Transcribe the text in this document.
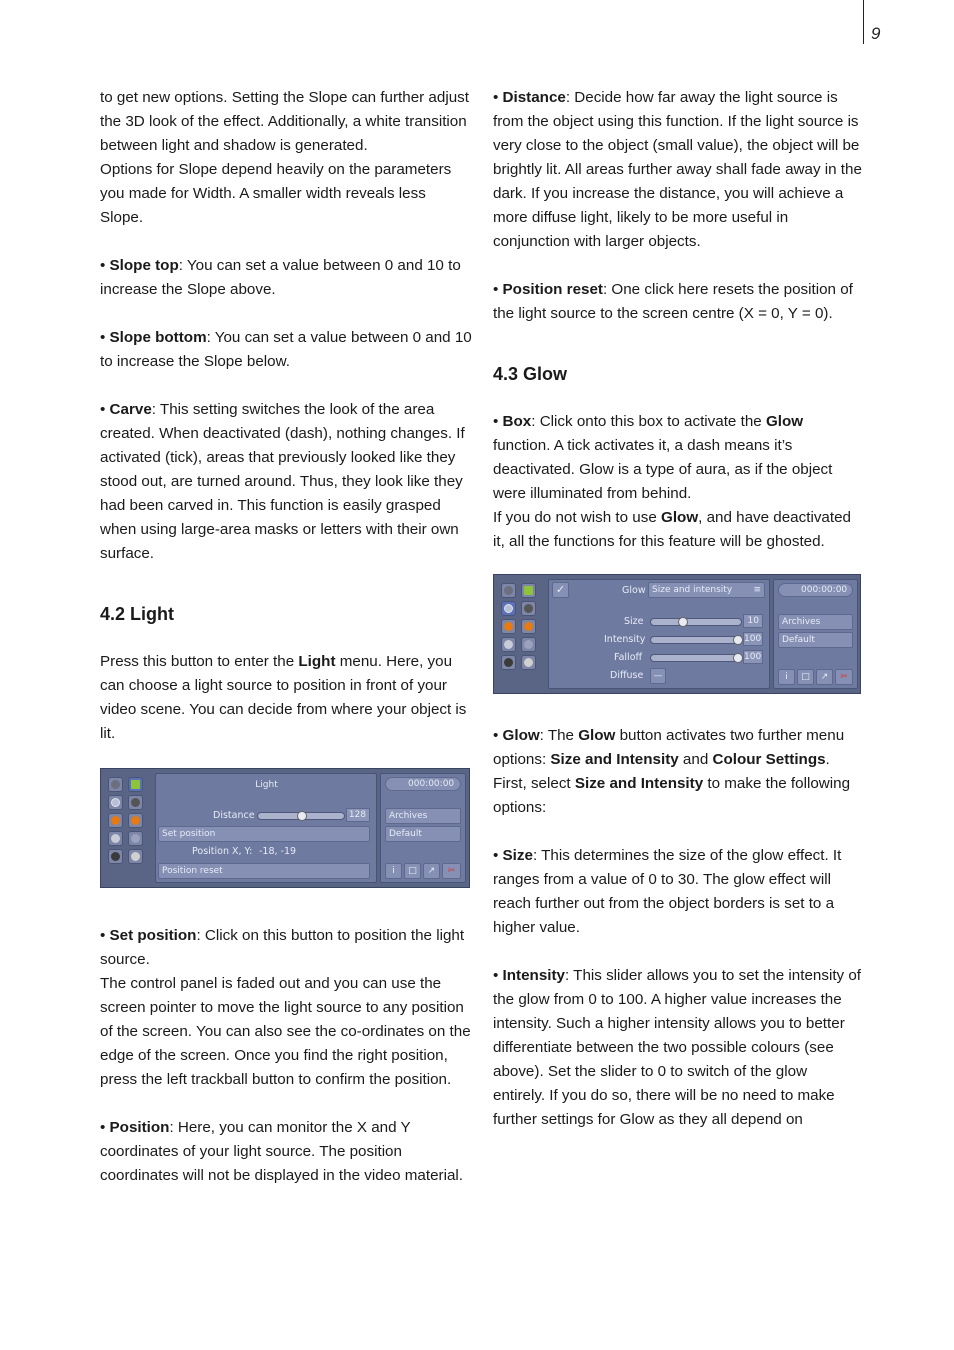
9

to get new options. Setting the Slope can further adjust the 3D look of the effect. Additionally, a white transition between light and shadow is generated.

Options for Slope depend heavily on the parameters you made for Width. A smaller width reveals less Slope.

• Slope top: You can set a value between 0 and 10 to increase the Slope above.

• Slope bottom: You can set a value between 0 and 10 to increase the Slope below.

• Carve: This setting switches the look of the area created. When deactivated (dash), nothing changes. If activated (tick), areas that previously looked like they stood out, are turned around. Thus, they look like they had been carved in. This function is easily grasped when using large-area masks or letters with their own surface.

4.2 Light

Press this button to enter the Light menu. Here, you can choose a light source to position in front of your video scene. You can decide from where your object is lit.

Light
Distance	128
Set position
Position X, Y: -18, -19
Position reset
000:00:00
Archives
Default
i	□	↗	✂

• Set position: Click on this button to position the light source.

The control panel is faded out and you can use the screen pointer to move the light source to any position of the screen. You can also see the co-ordinates on the edge of the screen. Once you find the right position, press the left trackball button to confirm the position.

• Position: Here, you can monitor the X and Y coordinates of your light source. The position coordinates will not be displayed in the video material.

• Distance: Decide how far away the light source is from the object using this function. If the light source is very close to the object (small value), the object will be brightly lit. All areas further away shall fade away in the dark. If you increase the distance, you will achieve a more diffuse light, likely to be more useful in conjunction with larger objects.

• Position reset: One click here resets the position of the light source to the screen centre (X = 0, Y = 0).

4.3 Glow

• Box: Click onto this box to activate the Glow function. A tick activates it, a dash means it’s deactivated. Glow is a type of aura, as if the object were illuminated from behind.

If you do not wish to use Glow, and have deactivated it, all the functions for this feature will be ghosted.

✓	Glow Size and intensity ≡
Size	10
Intensity	100
Falloff	100
Diffuse	—
000:00:00
Archives
Default
i	□	↗	✂

• Glow: The Glow button activates two further menu options: Size and Intensity and Colour Settings.

First, select Size and Intensity to make the following options:

• Size: This determines the size of the glow effect. It ranges from a value of 0 to 30. The glow effect will reach further out from the object borders is set to a higher value.

• Intensity: This slider allows you to set the intensity of the glow from 0 to 100. A higher value increases the intensity. Such a higher intensity allows you to better differentiate between the two possible colours (see above). Set the slider to 0 to switch of the glow entirely. If you do so, there will be no need to make further settings for Glow as they all depend on
